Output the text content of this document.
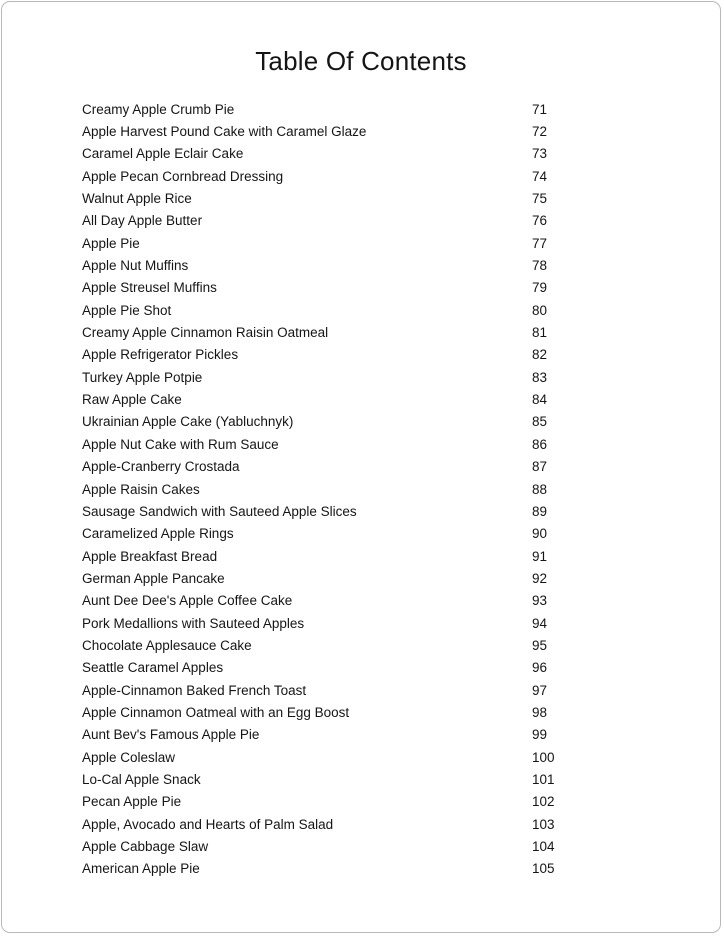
Table Of Contents
Creamy Apple Crumb Pie	71
Apple Harvest Pound Cake with Caramel Glaze	72
Caramel Apple Eclair Cake	73
Apple Pecan Cornbread Dressing	74
Walnut Apple Rice	75
All Day Apple Butter	76
Apple Pie	77
Apple Nut Muffins	78
Apple Streusel Muffins	79
Apple Pie Shot	80
Creamy Apple Cinnamon Raisin Oatmeal	81
Apple Refrigerator Pickles	82
Turkey Apple Potpie	83
Raw Apple Cake	84
Ukrainian Apple Cake (Yabluchnyk)	85
Apple Nut Cake with Rum Sauce	86
Apple-Cranberry Crostada	87
Apple Raisin Cakes	88
Sausage Sandwich with Sauteed Apple Slices	89
Caramelized Apple Rings	90
Apple Breakfast Bread	91
German Apple Pancake	92
Aunt Dee Dee's Apple Coffee Cake	93
Pork Medallions with Sauteed Apples	94
Chocolate Applesauce Cake	95
Seattle Caramel Apples	96
Apple-Cinnamon Baked French Toast	97
Apple Cinnamon Oatmeal with an Egg Boost	98
Aunt Bev's Famous Apple Pie	99
Apple Coleslaw	100
Lo-Cal Apple Snack	101
Pecan Apple Pie	102
Apple, Avocado and Hearts of Palm Salad	103
Apple Cabbage Slaw	104
American Apple Pie	105
